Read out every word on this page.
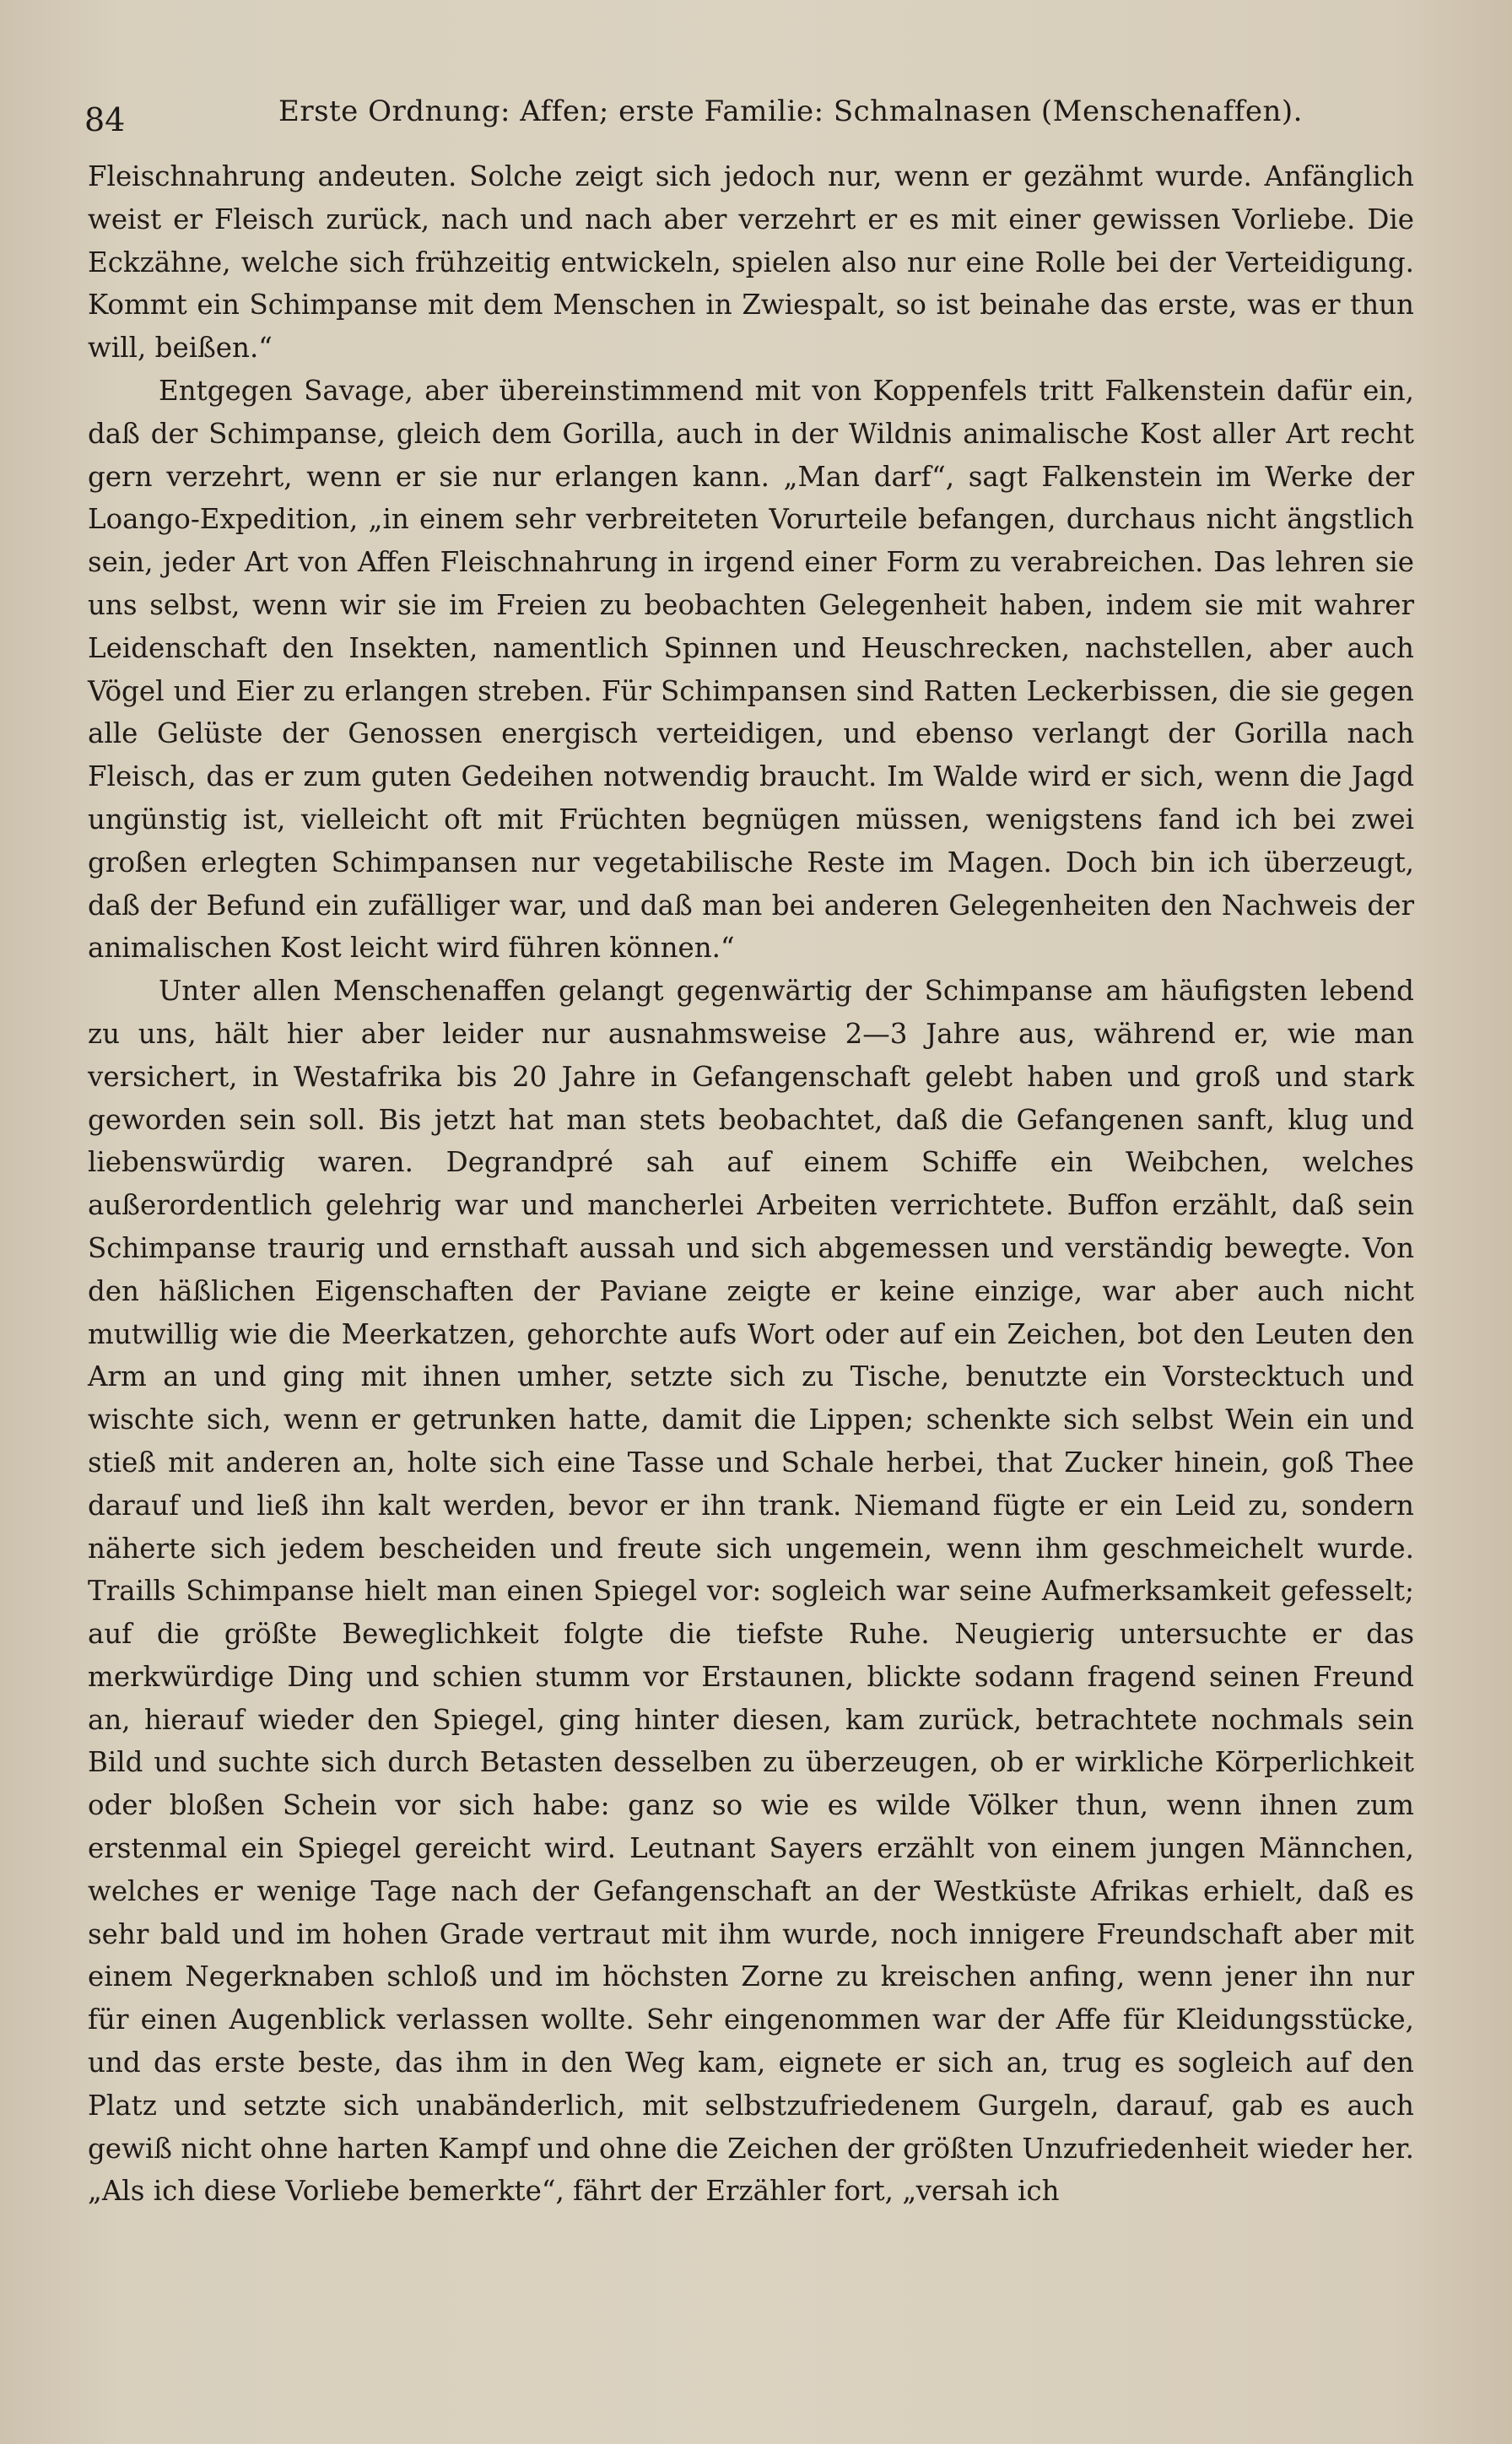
84	Erste Ordnung: Affen; erste Familie: Schmalnasen (Menschenaffen).

Fleischnahrung andeuten. Solche zeigt sich jedoch nur, wenn er gezähmt wurde. Anfänglich weist er Fleisch zurück, nach und nach aber verzehrt er es mit einer gewissen Vorliebe. Die Eckzähne, welche sich frühzeitig entwickeln, spielen also nur eine Rolle bei der Verteidigung. Kommt ein Schimpanse mit dem Menschen in Zwiespalt, so ist beinahe das erste, was er thun will, beißen.“

Entgegen Savage, aber übereinstimmend mit von Koppenfels tritt Falkenstein dafür ein, daß der Schimpanse, gleich dem Gorilla, auch in der Wildnis animalische Kost aller Art recht gern verzehrt, wenn er sie nur erlangen kann. „Man darf“, sagt Falkenstein im Werke der Loango-Expedition, „in einem sehr verbreiteten Vorurteile befangen, durchaus nicht ängstlich sein, jeder Art von Affen Fleischnahrung in irgend einer Form zu verabreichen. Das lehren sie uns selbst, wenn wir sie im Freien zu beobachten Gelegenheit haben, indem sie mit wahrer Leidenschaft den Insekten, namentlich Spinnen und Heuschrecken, nachstellen, aber auch Vögel und Eier zu erlangen streben. Für Schimpansen sind Ratten Leckerbissen, die sie gegen alle Gelüste der Genossen energisch verteidigen, und ebenso verlangt der Gorilla nach Fleisch, das er zum guten Gedeihen notwendig braucht. Im Walde wird er sich, wenn die Jagd ungünstig ist, vielleicht oft mit Früchten begnügen müssen, wenigstens fand ich bei zwei großen erlegten Schimpansen nur vegetabilische Reste im Magen. Doch bin ich überzeugt, daß der Befund ein zufälliger war, und daß man bei anderen Gelegenheiten den Nachweis der animalischen Kost leicht wird führen können.“

Unter allen Menschenaffen gelangt gegenwärtig der Schimpanse am häufigsten lebend zu uns, hält hier aber leider nur ausnahmsweise 2—3 Jahre aus, während er, wie man versichert, in Westafrika bis 20 Jahre in Gefangenschaft gelebt haben und groß und stark geworden sein soll. Bis jetzt hat man stets beobachtet, daß die Gefangenen sanft, klug und liebenswürdig waren. Degrandpré sah auf einem Schiffe ein Weibchen, welches außerordentlich gelehrig war und mancherlei Arbeiten verrichtete. Buffon erzählt, daß sein Schimpanse traurig und ernsthaft aussah und sich abgemessen und verständig bewegte. Von den häßlichen Eigenschaften der Paviane zeigte er keine einzige, war aber auch nicht mutwillig wie die Meerkatzen, gehorchte aufs Wort oder auf ein Zeichen, bot den Leuten den Arm an und ging mit ihnen umher, setzte sich zu Tische, benutzte ein Vorstecktuch und wischte sich, wenn er getrunken hatte, damit die Lippen; schenkte sich selbst Wein ein und stieß mit anderen an, holte sich eine Tasse und Schale herbei, that Zucker hinein, goß Thee darauf und ließ ihn kalt werden, bevor er ihn trank. Niemand fügte er ein Leid zu, sondern näherte sich jedem bescheiden und freute sich ungemein, wenn ihm geschmeichelt wurde. Traills Schimpanse hielt man einen Spiegel vor: sogleich war seine Aufmerksamkeit gefesselt; auf die größte Beweglichkeit folgte die tiefste Ruhe. Neugierig untersuchte er das merkwürdige Ding und schien stumm vor Erstaunen, blickte sodann fragend seinen Freund an, hierauf wieder den Spiegel, ging hinter diesen, kam zurück, betrachtete nochmals sein Bild und suchte sich durch Betasten desselben zu überzeugen, ob er wirkliche Körperlichkeit oder bloßen Schein vor sich habe: ganz so wie es wilde Völker thun, wenn ihnen zum erstenmal ein Spiegel gereicht wird. Leutnant Sayers erzählt von einem jungen Männchen, welches er wenige Tage nach der Gefangenschaft an der Westküste Afrikas erhielt, daß es sehr bald und im hohen Grade vertraut mit ihm wurde, noch innigere Freundschaft aber mit einem Negerknaben schloß und im höchsten Zorne zu kreischen anfing, wenn jener ihn nur für einen Augenblick verlassen wollte. Sehr eingenommen war der Affe für Kleidungsstücke, und das erste beste, das ihm in den Weg kam, eignete er sich an, trug es sogleich auf den Platz und setzte sich unabänderlich, mit selbstzufriedenem Gurgeln, darauf, gab es auch gewiß nicht ohne harten Kampf und ohne die Zeichen der größten Unzufriedenheit wieder her. „Als ich diese Vorliebe bemerkte“, fährt der Erzähler fort, „versah ich
